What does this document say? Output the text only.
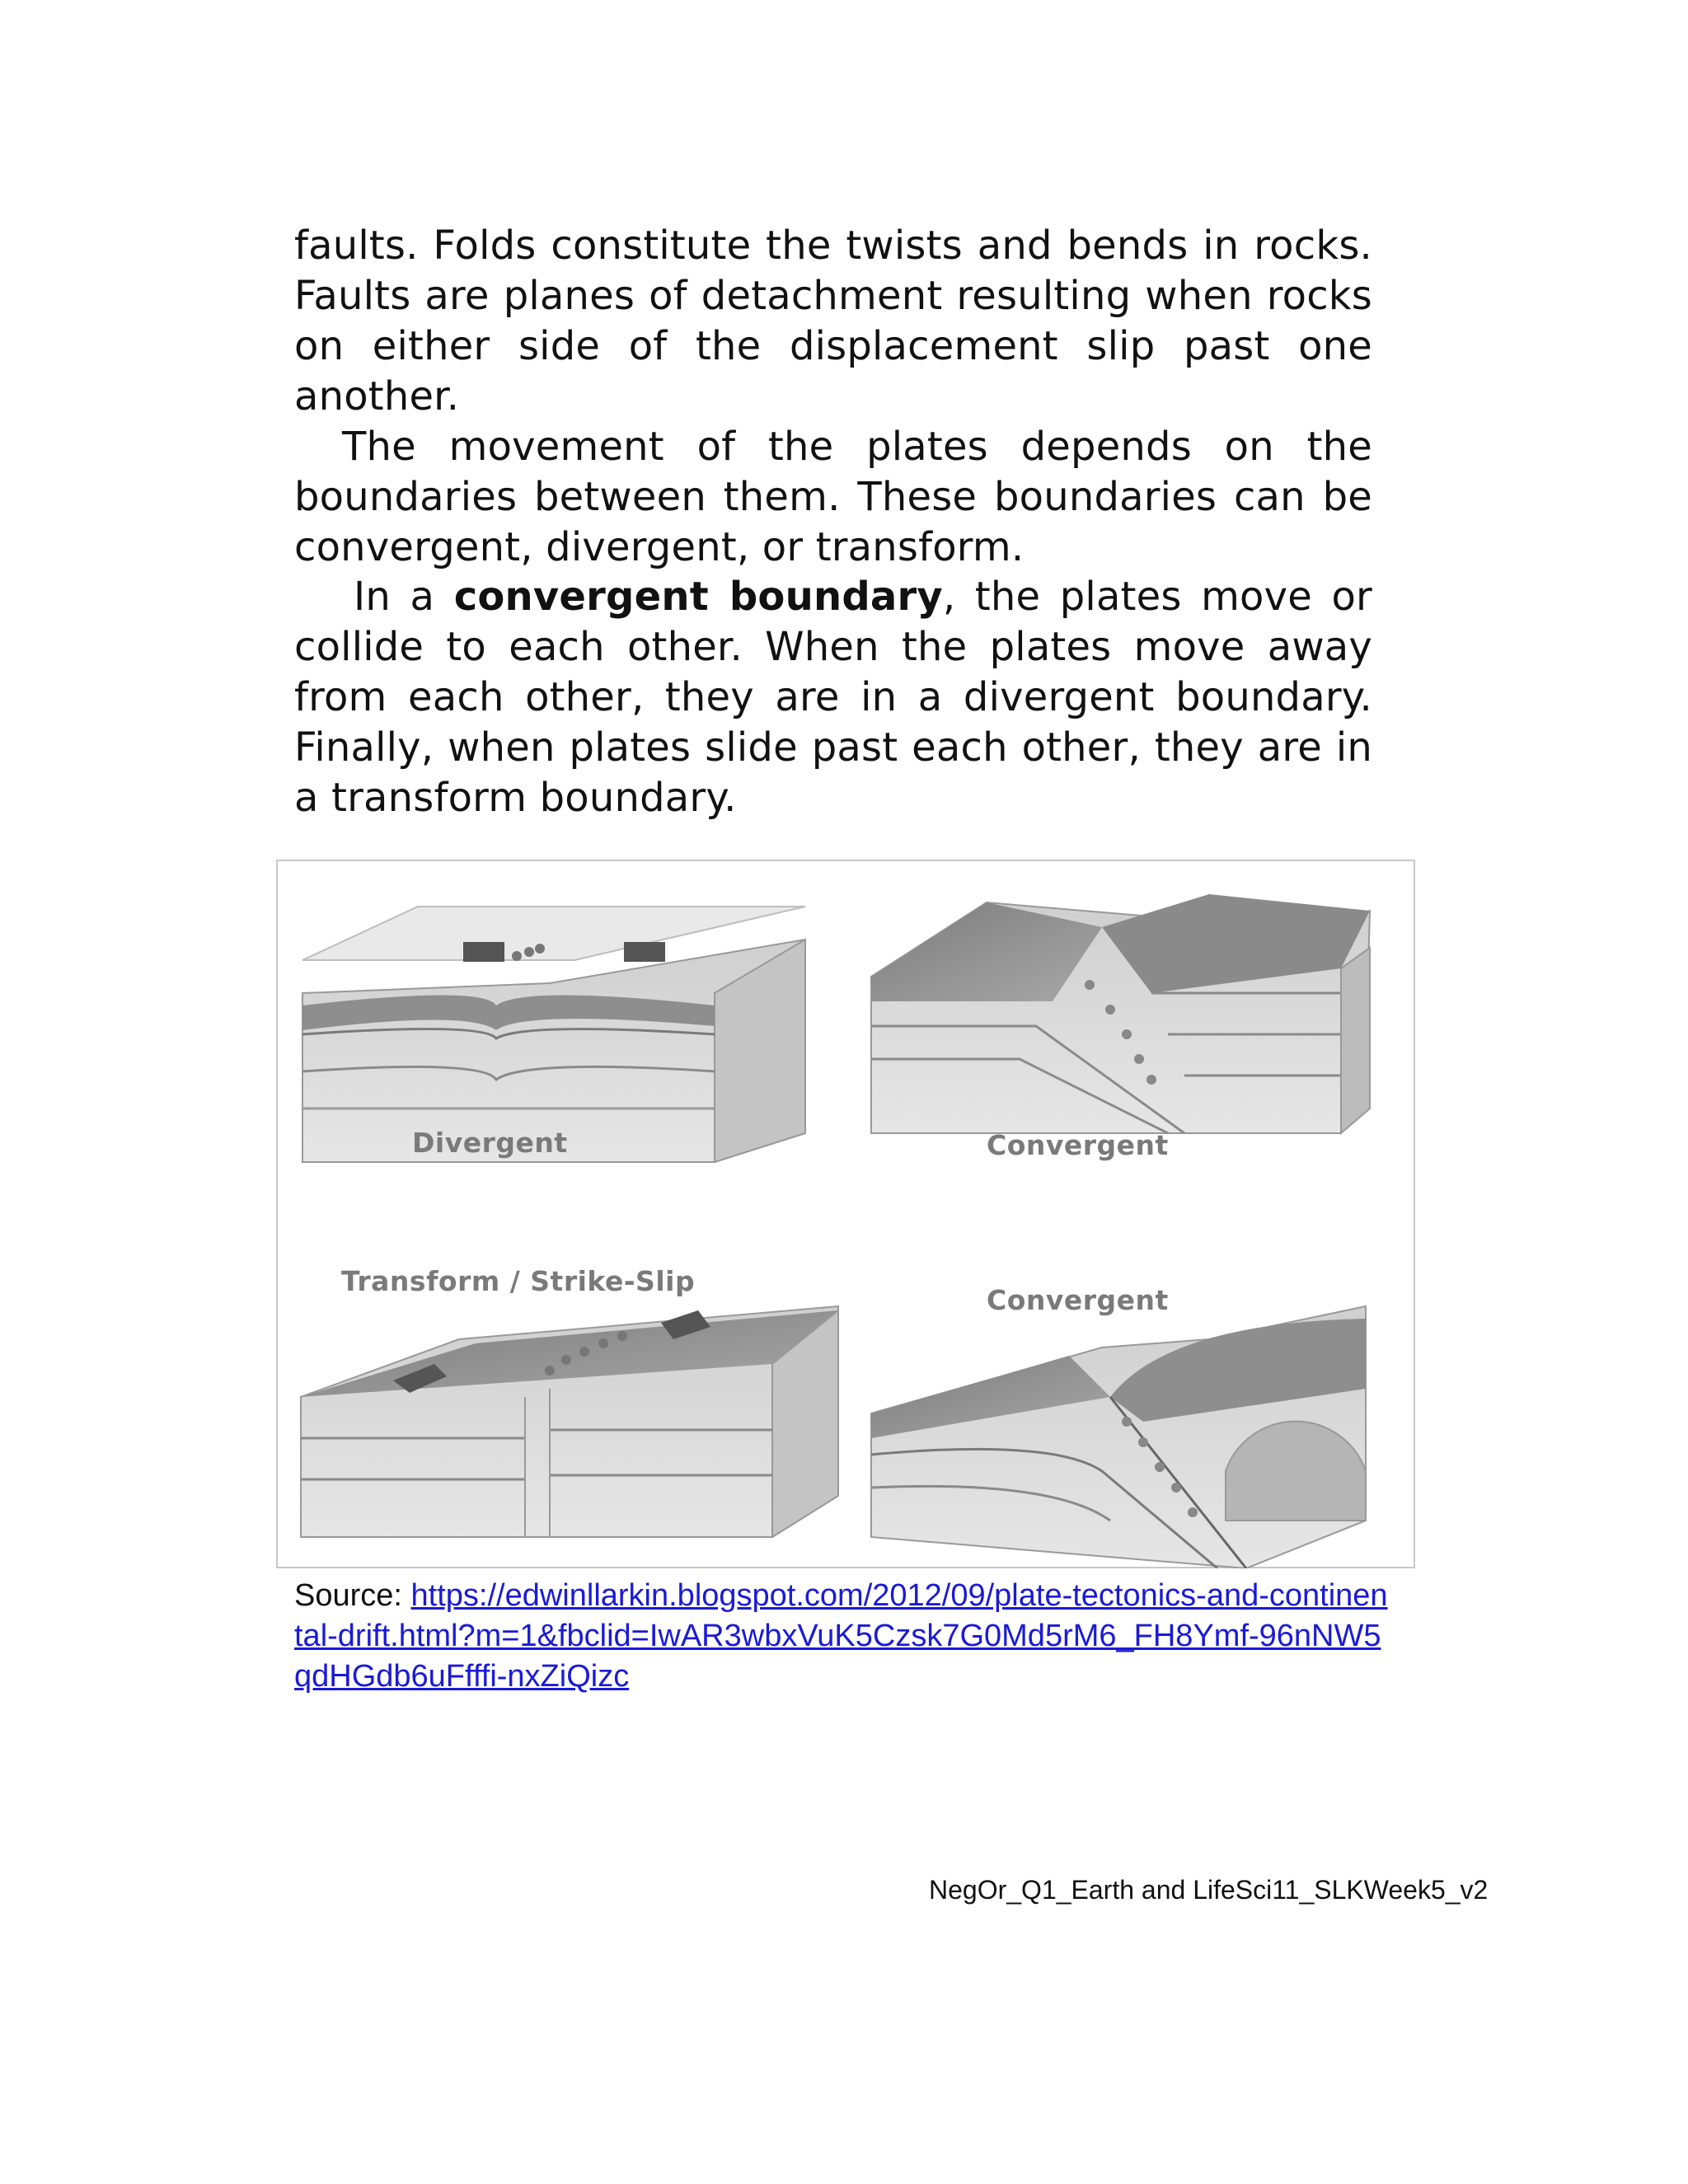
faults. Folds constitute the twists and bends in rocks. Faults are planes of detachment resulting when rocks on either side of the displacement slip past one another.
The movement of the plates depends on the boundaries between them. These boundaries can be convergent, divergent, or transform.
In a convergent boundary, the plates move or collide to each other. When the plates move away from each other, they are in a divergent boundary. Finally, when plates slide past each other, they are in a transform boundary.
Divergent	Convergent
Transform / Strike-Slip
Convergent
Source: https://edwinllarkin.blogspot.com/2012/09/plate-tectonics-and-continental-drift.html?m=1&fbclid=IwAR3wbxVuK5Czsk7G0Md5rM6_FH8Ymf-96nNW5qdHGdb6uFfffi-nxZiQizc
NegOr_Q1_Earth and LifeSci11_SLKWeek5_v2
